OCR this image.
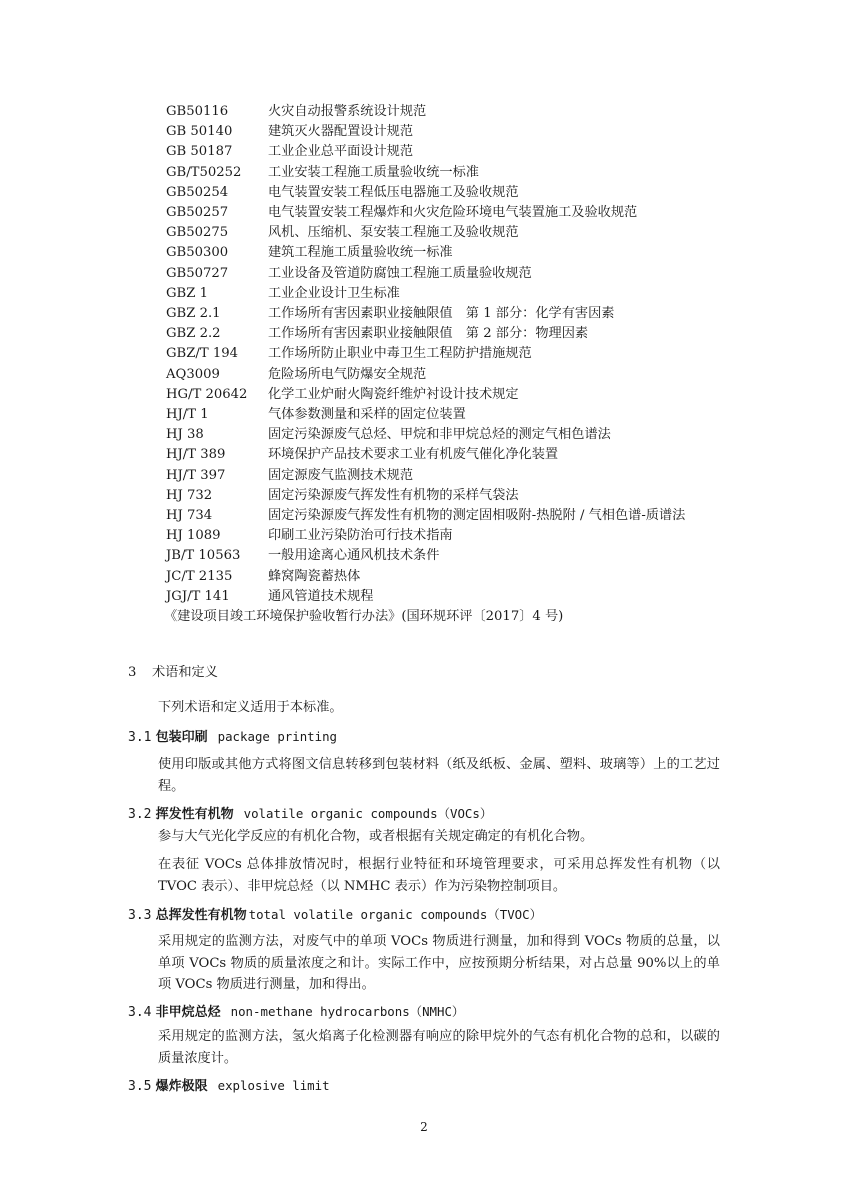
GB50116	火灾自动报警系统设计规范
GB 50140	建筑灭火器配置设计规范
GB 50187	工业企业总平面设计规范
GB/T50252	工业安装工程施工质量验收统一标准
GB50254	电气装置安装工程低压电器施工及验收规范
GB50257	电气装置安装工程爆炸和火灾危险环境电气装置施工及验收规范
GB50275	风机、压缩机、泵安装工程施工及验收规范
GB50300	建筑工程施工质量验收统一标准
GB50727	工业设备及管道防腐蚀工程施工质量验收规范
GBZ 1	工业企业设计卫生标准
GBZ 2.1	工作场所有害因素职业接触限值　第 1 部分：化学有害因素
GBZ 2.2	工作场所有害因素职业接触限值　第 2 部分：物理因素
GBZ/T 194	工作场所防止职业中毒卫生工程防护措施规范
AQ3009	危险场所电气防爆安全规范
HG/T 20642	化学工业炉耐火陶瓷纤维炉衬设计技术规定
HJ/T 1	气体参数测量和采样的固定位装置
HJ 38	固定污染源废气总烃、甲烷和非甲烷总烃的测定气相色谱法
HJ/T 389	环境保护产品技术要求工业有机废气催化净化装置
HJ/T 397	固定源废气监测技术规范
HJ 732	固定污染源废气挥发性有机物的采样气袋法
HJ 734	固定污染源废气挥发性有机物的测定固相吸附-热脱附 / 气相色谱-质谱法
HJ 1089	印刷工业污染防治可行技术指南
JB/T 10563	一般用途离心通风机技术条件
JC/T 2135	蜂窝陶瓷蓄热体
JGJ/T 141	通风管道技术规程
《建设项目竣工环境保护验收暂行办法》(国环规环评〔2017〕4 号)
3 术语和定义
下列术语和定义适用于本标准。
3.1 包装印刷 package printing
使用印版或其他方式将图文信息转移到包装材料（纸及纸板、金属、塑料、玻璃等）上的工艺过程。
3.2 挥发性有机物 volatile organic compounds（VOCs）
参与大气光化学反应的有机化合物，或者根据有关规定确定的有机化合物。
在表征 VOCs 总体排放情况时，根据行业特征和环境管理要求，可采用总挥发性有机物（以 TVOC 表示）、非甲烷总烃（以 NMHC 表示）作为污染物控制项目。
3.3 总挥发性有机物 total volatile organic compounds（TVOC）
采用规定的监测方法，对废气中的单项 VOCs 物质进行测量，加和得到 VOCs 物质的总量，以单项 VOCs 物质的质量浓度之和计。实际工作中，应按预期分析结果，对占总量 90%以上的单项 VOCs 物质进行测量，加和得出。
3.4 非甲烷总烃 non-methane hydrocarbons（NMHC）
采用规定的监测方法，氢火焰离子化检测器有响应的除甲烷外的气态有机化合物的总和，以碳的质量浓度计。
3.5 爆炸极限 explosive limit
2
